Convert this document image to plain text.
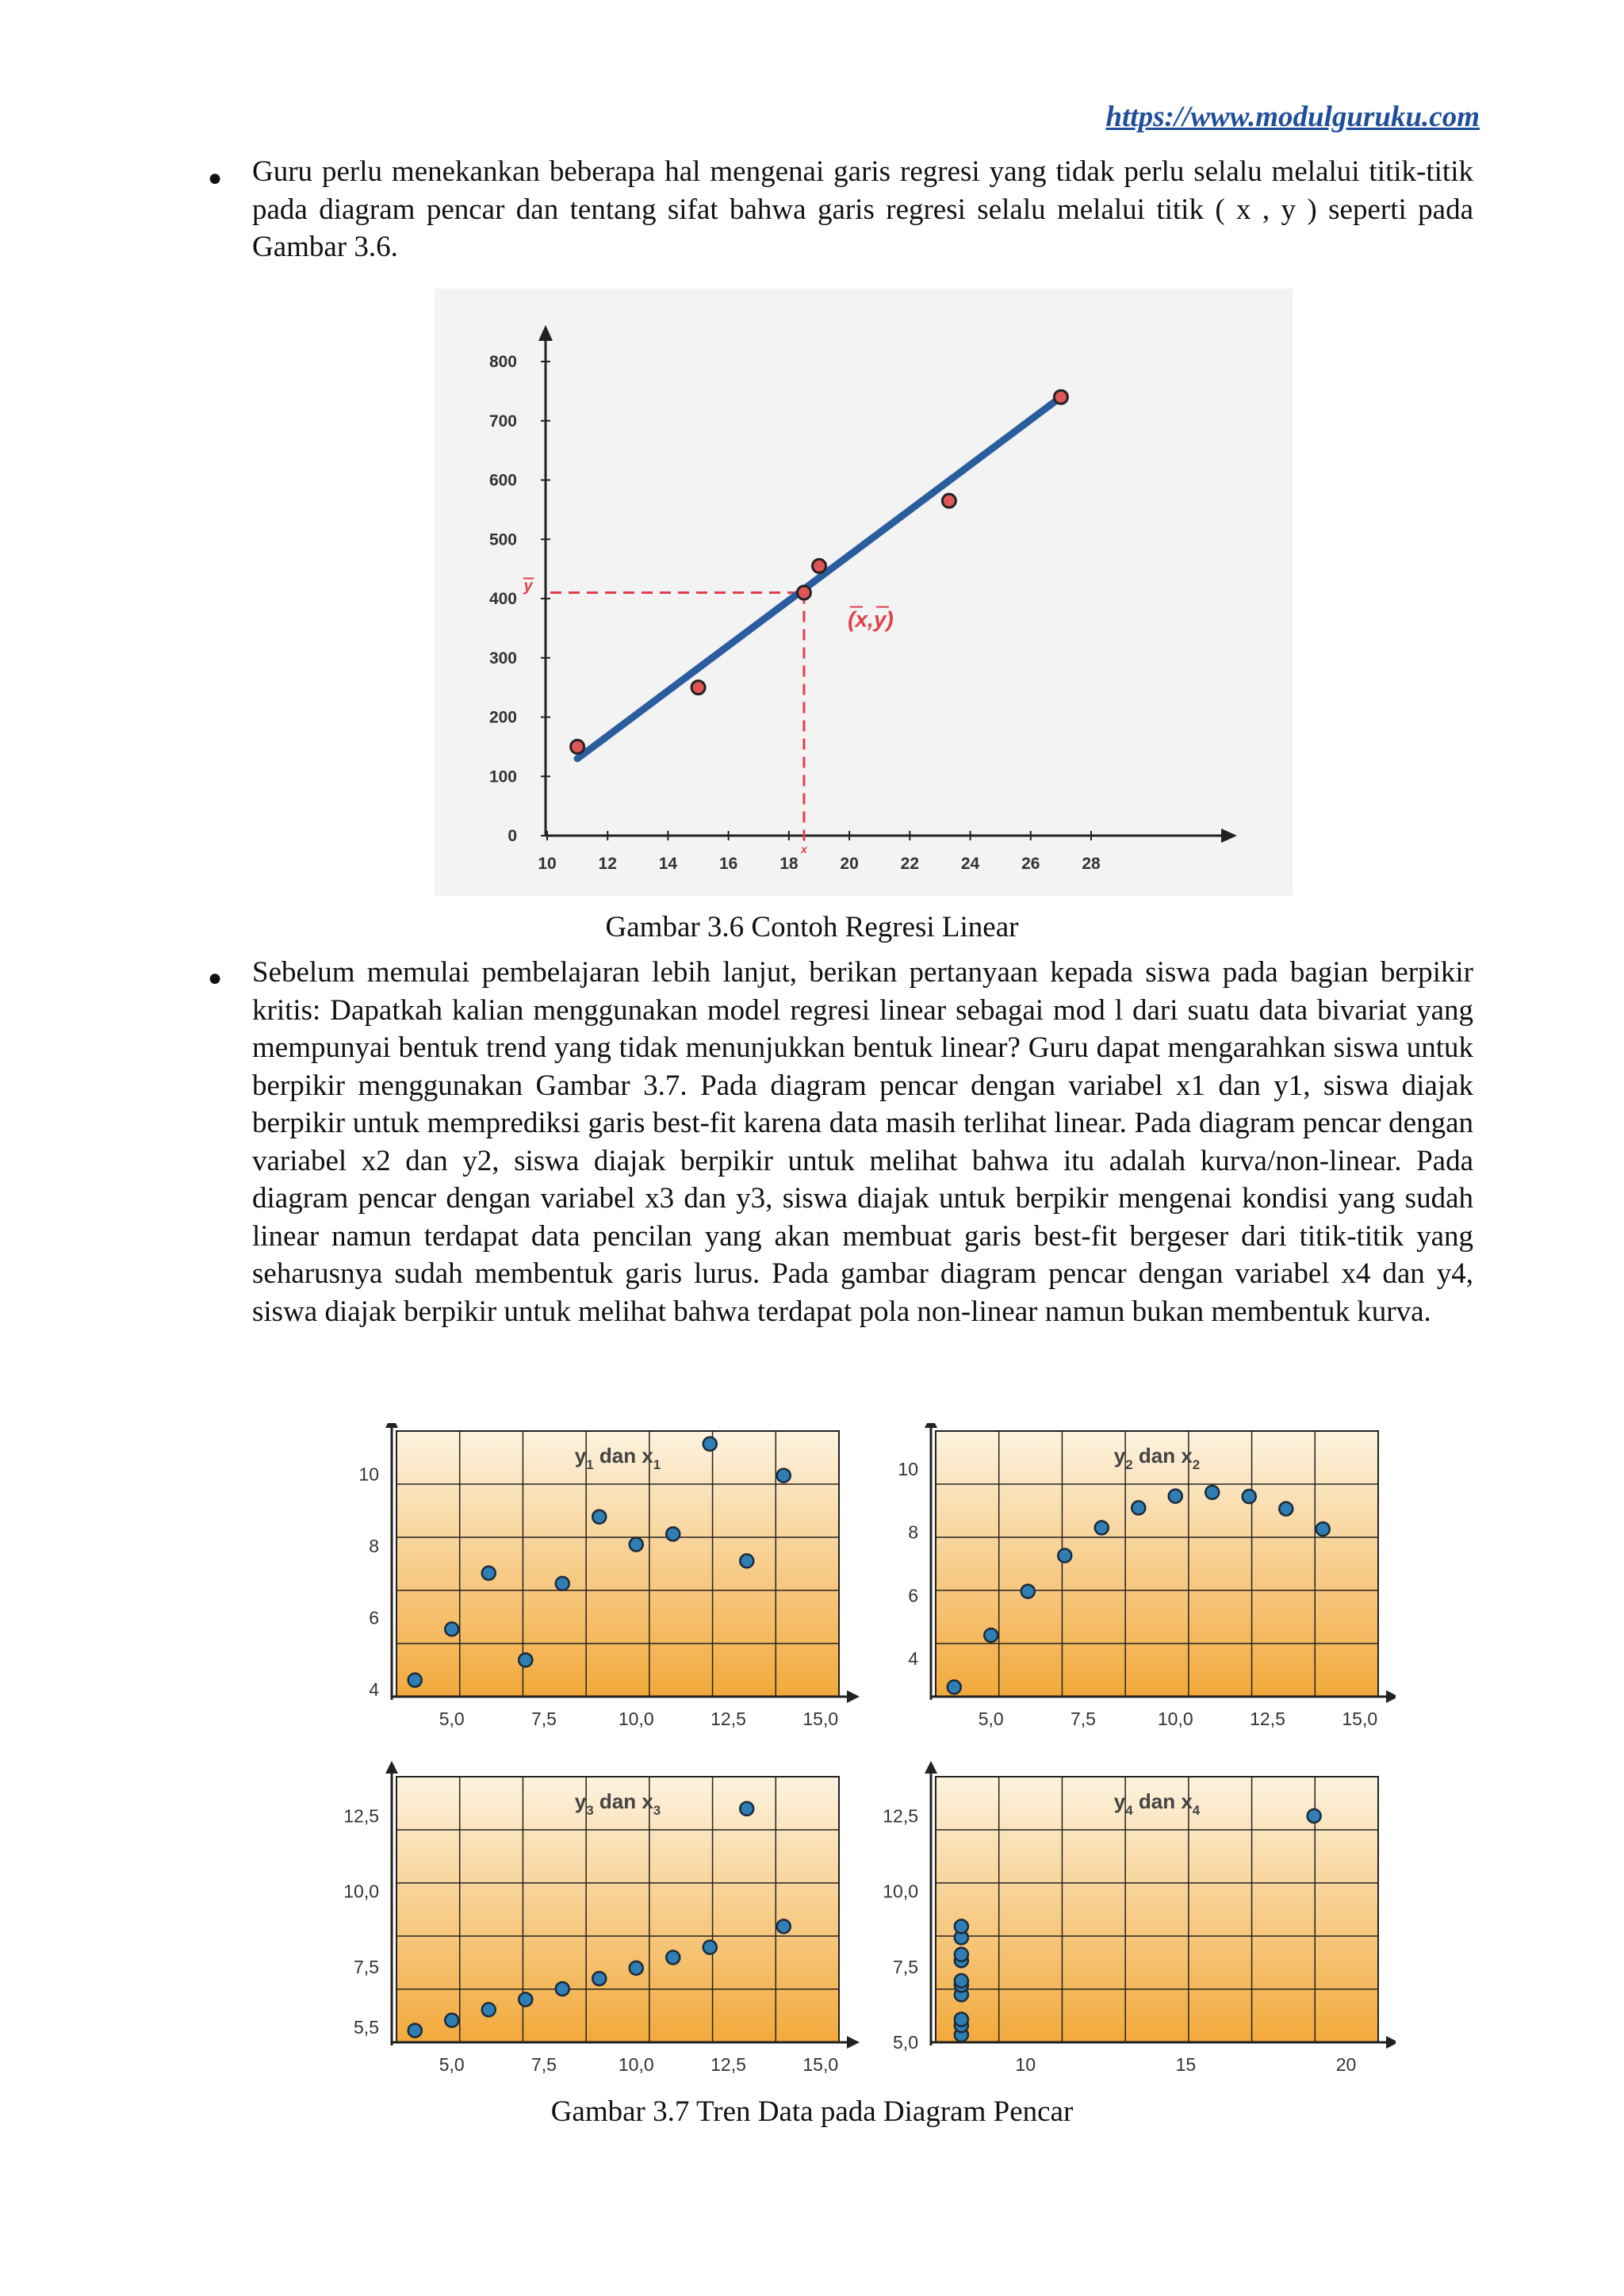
https://www.modulguruku.com
● Guru perlu menekankan beberapa hal mengenai garis regresi yang tidak perlu selalu melalui titik-titik pada diagram pencar dan tentang sifat bahwa garis regresi selalu melalui titik ( x , y ) seperti pada Gambar 3.6.
10	12	14	16	18	20	22	24	26	28
0
100
200
300
400
500
600
700
800
y
x
(x,y)
Gambar 3.6 Contoh Regresi Linear
● Sebelum memulai pembelajaran lebih lanjut, berikan pertanyaan kepada siswa pada bagian berpikir kritis: Dapatkah kalian menggunakan model regresi linear sebagai mod l dari suatu data bivariat yang mempunyai bentuk trend yang tidak menunjukkan bentuk linear? Guru dapat mengarahkan siswa untuk berpikir menggunakan Gambar 3.7. Pada diagram pencar dengan variabel x1 dan y1, siswa diajak berpikir untuk memprediksi garis best-fit karena data masih terlihat linear. Pada diagram pencar dengan variabel x2 dan y2, siswa diajak berpikir untuk melihat bahwa itu adalah kurva/non-linear. Pada diagram pencar dengan variabel x3 dan y3, siswa diajak untuk berpikir mengenai kondisi yang sudah linear namun terdapat data pencilan yang akan membuat garis best-fit bergeser dari titik-titik yang seharusnya sudah membentuk garis lurus. Pada gambar diagram pencar dengan variabel x4 dan y4, siswa diajak berpikir untuk melihat bahwa terdapat pola non-linear namun bukan membentuk kurva.
5,0	7,5	10,0	12,5	15,0
4
6
8
10
$y_1$ dan $x_1$
5,0	7,5	10,0	12,5	15,0
4
6
8
10
$y_2$ dan $x_2$
5,0	7,5	10,0	12,5	15,0
5,5
7,5
10,0
12,5
$y_3$ dan $x_3$
10	15	20
5,0
7,5
10,0
12,5
$y_4$ dan $x_4$
Gambar 3.7 Tren Data pada Diagram Pencar
